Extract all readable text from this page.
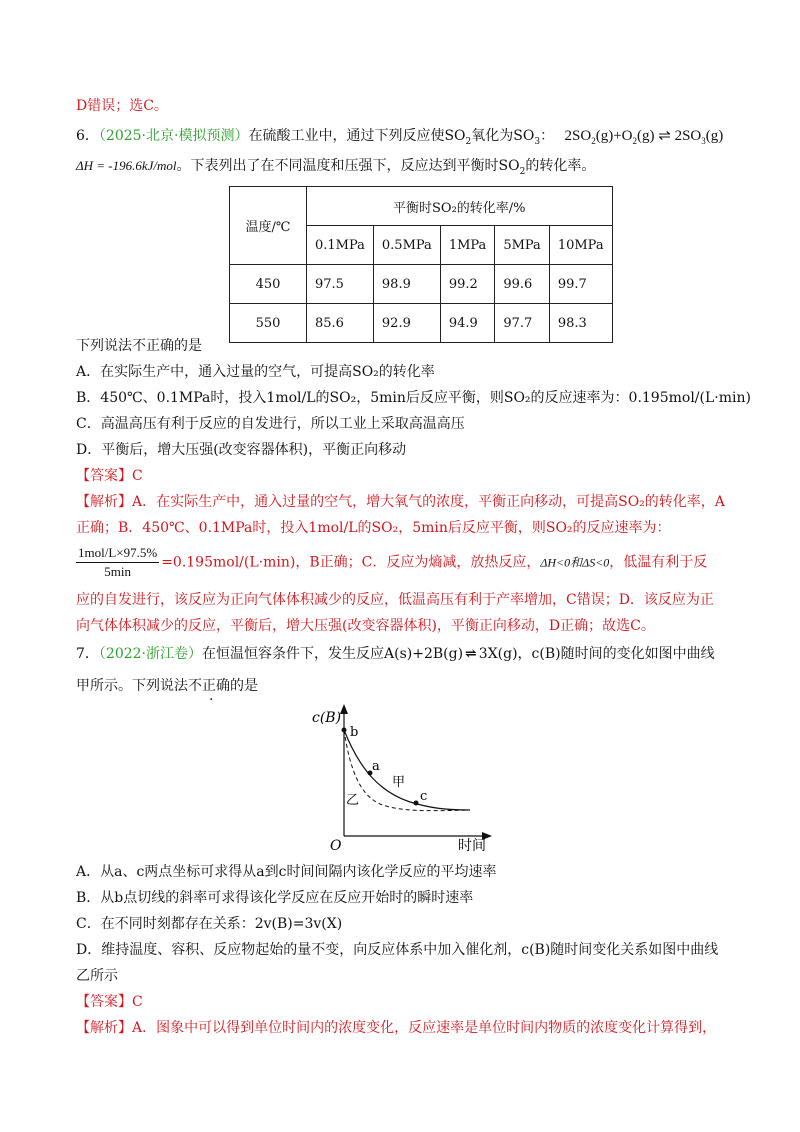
D错误；选C。
6．（2025·北京·模拟预测）在硫酸工业中，通过下列反应使$SO_2$氧化为$SO_3$： $2SO_2(g)+O_2(g)$ ⇌ $2SO_3(g)$
ΔH = -196.6kJ/mol。下表列出了在不同温度和压强下，反应达到平衡时$SO_2$的转化率。
温度/℃	平衡时SO₂的转化率/%				
	0.1MPa	0.5MPa	1MPa	5MPa	10MPa
450	97.5	98.9	99.2	99.6	99.7
550	85.6	92.9	94.9	97.7	98.3
下列说法不正确的是
A．在实际生产中，通入过量的空气，可提高SO₂的转化率
B．450℃、0.1MPa时，投入1mol/L的SO₂，5min后反应平衡，则SO₂的反应速率为：0.195mol/(L·min)
C．高温高压有利于反应的自发进行，所以工业上采取高温高压
D．平衡后，增大压强(改变容器体积)，平衡正向移动
【答案】C
【解析】A．在实际生产中，通入过量的空气，增大氧气的浓度，平衡正向移动，可提高SO₂的转化率，A
正确；B．450℃、0.1MPa时，投入1mol/L的SO₂，5min后反应平衡，则SO₂的反应速率为：
$\frac{\text{1mol/L×97.5\%}}{5\min} =0.195mol/(L\cdot\min)$，B正确；C．反应为熵减，放热反应，ΔH<0和ΔS<0，低温有利于反
应的自发进行，该反应为正向气体体积减少的反应，低温高压有利于产率增加，C错误；D．该反应为正
向气体体积减少的反应，平衡后，增大压强(改变容器体积)，平衡正向移动，D正确；故选C。
7．（2022·浙江卷）在恒温恒容条件下，发生反应A(s)+2B(g) ⇌ 3X(g)，c(B)随时间的变化如图中曲线
甲所示。下列说法不正确的是
c(B)
b
a
c
甲
乙
O	时间
A．从a、c两点坐标可求得从a到c时间间隔内该化学反应的平均速率
B．从b点切线的斜率可求得该化学反应在反应开始时的瞬时速率
C．在不同时刻都存在关系：2v(B)=3v(X)
D．维持温度、容积、反应物起始的量不变，向反应体系中加入催化剂，c(B)随时间变化关系如图中曲线
乙所示
【答案】C
【解析】A．图象中可以得到单位时间内的浓度变化，反应速率是单位时间内物质的浓度变化计算得到，
